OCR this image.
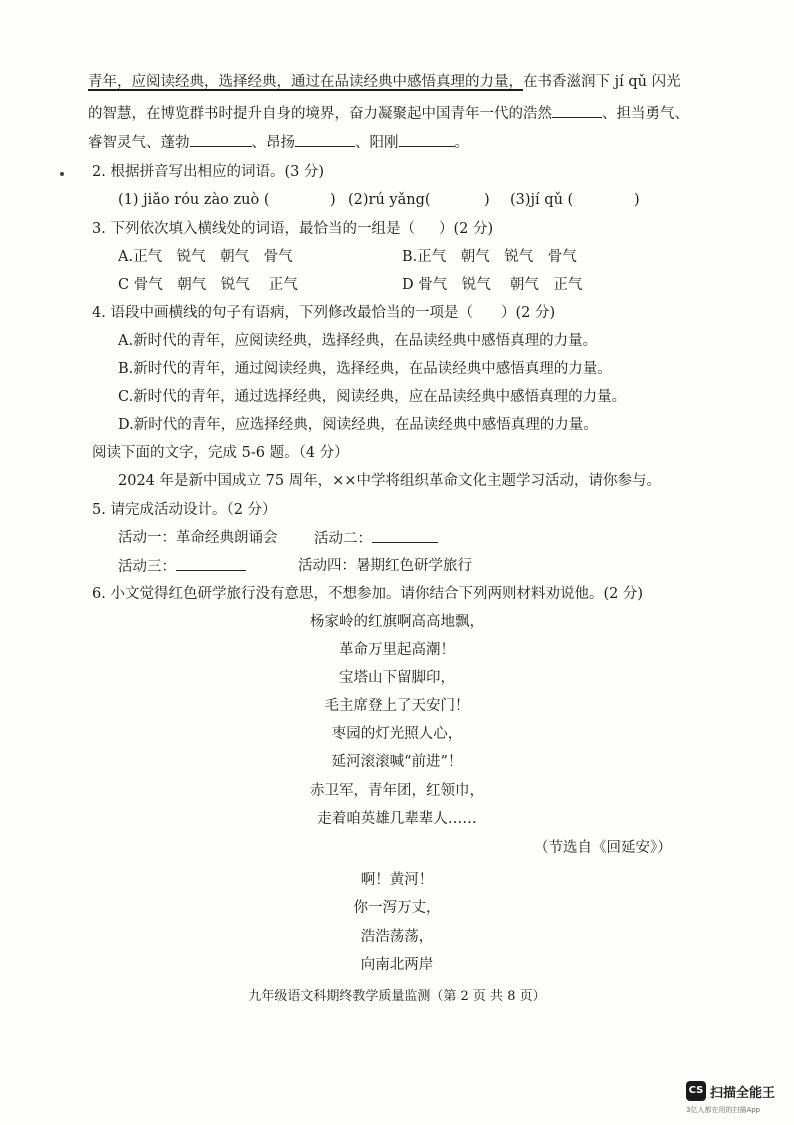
青年，应阅读经典，选择经典，通过在品读经典中感悟真理的力量，在书香滋润下 jí qǔ 闪光
的智慧，在博览群书时提升自身的境界，奋力凝聚起中国青年一代的浩然	、担当勇气、
睿智灵气、蓬勃	、昂扬	、阳刚	。
2. 根据拼音写出相应的词语。(3 分)
(1) jiǎo róu zào zuò (	) (2)rú yǎng(	) (3)jí qǔ (	)
3. 下列依次填入横线处的词语，最恰当的一组是（ ）(2 分)
A.正气　锐气　朝气　骨气	B.正气　朝气　锐气　骨气
C 骨气　朝气　锐气　 正气	D 骨气　锐气　 朝气　正气
4. 语段中画横线的句子有语病，下列修改最恰当的一项是（ ）(2 分)
A.新时代的青年，应阅读经典，选择经典，在品读经典中感悟真理的力量。
B.新时代的青年，通过阅读经典，选择经典，在品读经典中感悟真理的力量。
C.新时代的青年，通过选择经典，阅读经典，应在品读经典中感悟真理的力量。
D.新时代的青年，应选择经典，阅读经典，在品读经典中感悟真理的力量。
阅读下面的文字，完成 5-6 题。（4 分）
2024 年是新中国成立 75 周年，××中学将组织革命文化主题学习活动，请你参与。
5. 请完成活动设计。（2 分）
活动一：革命经典朗诵会	活动二：
活动三：	活动四：暑期红色研学旅行
6. 小文觉得红色研学旅行没有意思，不想参加。请你结合下列两则材料劝说他。(2 分)
杨家岭的红旗啊高高地飘，
革命万里起高潮！
宝塔山下留脚印，
毛主席登上了天安门！
枣园的灯光照人心，
延河滚滚喊“前进”！
赤卫军，青年团，红领巾，
走着咱英雄几辈辈人……
（节选自《回延安》）
啊！黄河！
你一泻万丈，
浩浩荡荡，
向南北两岸
九年级语文科期终教学质量监测（第 2 页 共 8 页）
CS 扫描全能王
3亿人都在用的扫描App
